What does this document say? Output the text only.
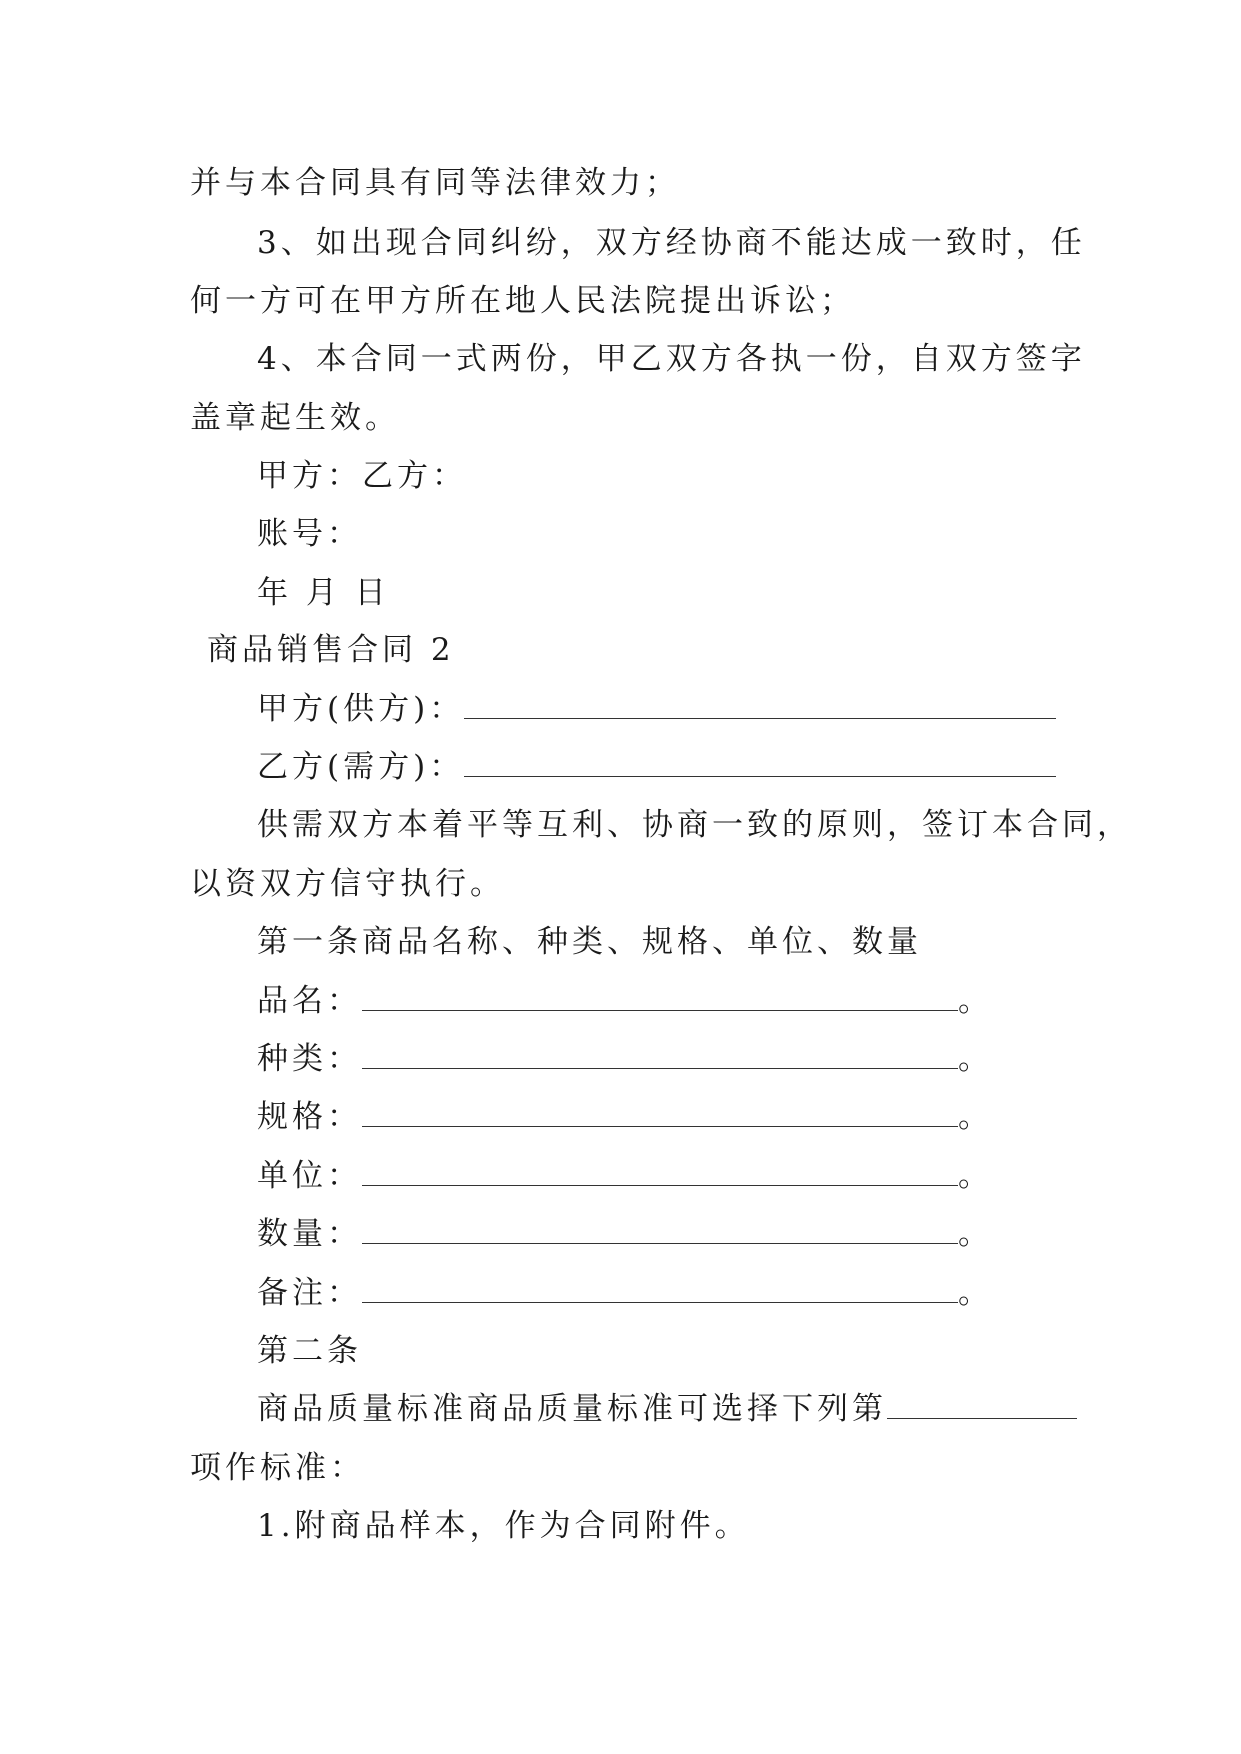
并与本合同具有同等法律效力；
3、如出现合同纠纷，双方经协商不能达成一致时，任
何一方可在甲方所在地人民法院提出诉讼；
4、本合同一式两份，甲乙双方各执一份，自双方签字
盖章起生效。
甲方：乙方：
账号：
年 月 日
商品销售合同 2
甲方(供方)：
乙方(需方)：
供需双方本着平等互利、协商一致的原则，签订本合同，
以资双方信守执行。
第一条商品名称、种类、规格、单位、数量
品名：	。
种类：	。
规格：	。
单位：	。
数量：	。
备注：	。
第二条
商品质量标准商品质量标准可选择下列第
项作标准：
1.附商品样本，作为合同附件。
